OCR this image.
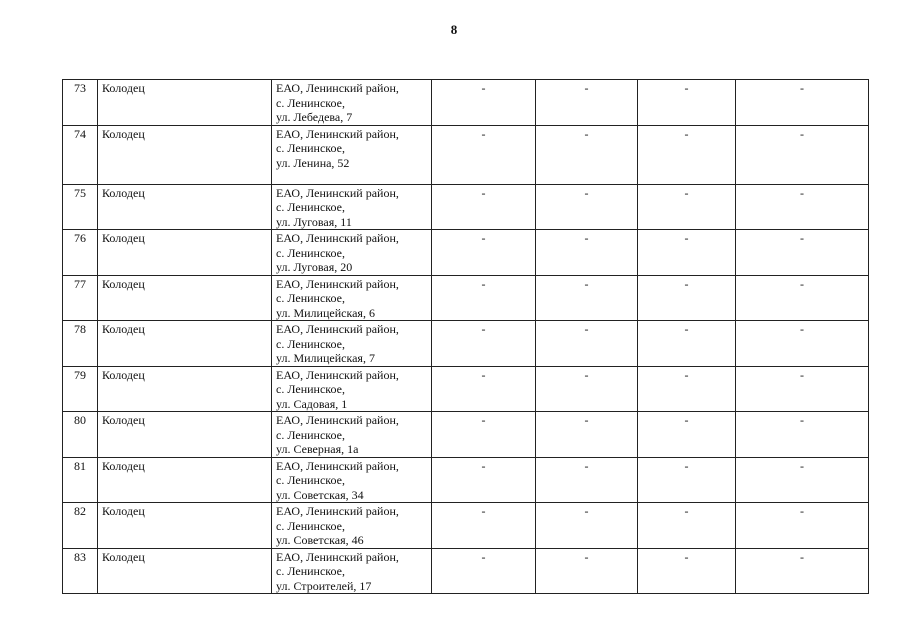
8
73	Колодец	ЕАО, Ленинский район,
с. Ленинское,
ул. Лебедева, 7	-	-	-	-
74	Колодец	ЕАО, Ленинский район,
с. Ленинское,
ул. Ленина, 52	-	-	-	-
75	Колодец	ЕАО, Ленинский район,
с. Ленинское,
ул. Луговая, 11	-	-	-	-
76	Колодец	ЕАО, Ленинский район,
с. Ленинское,
ул. Луговая, 20	-	-	-	-
77	Колодец	ЕАО, Ленинский район,
с. Ленинское,
ул. Милицейская, 6	-	-	-	-
78	Колодец	ЕАО, Ленинский район,
с. Ленинское,
ул. Милицейская, 7	-	-	-	-
79	Колодец	ЕАО, Ленинский район,
с. Ленинское,
ул. Садовая, 1	-	-	-	-
80	Колодец	ЕАО, Ленинский район,
с. Ленинское,
ул. Северная, 1а	-	-	-	-
81	Колодец	ЕАО, Ленинский район,
с. Ленинское,
ул. Советская, 34	-	-	-	-
82	Колодец	ЕАО, Ленинский район,
с. Ленинское,
ул. Советская, 46	-	-	-	-
83	Колодец	ЕАО, Ленинский район,
с. Ленинское,
ул. Строителей, 17	-	-	-	-
